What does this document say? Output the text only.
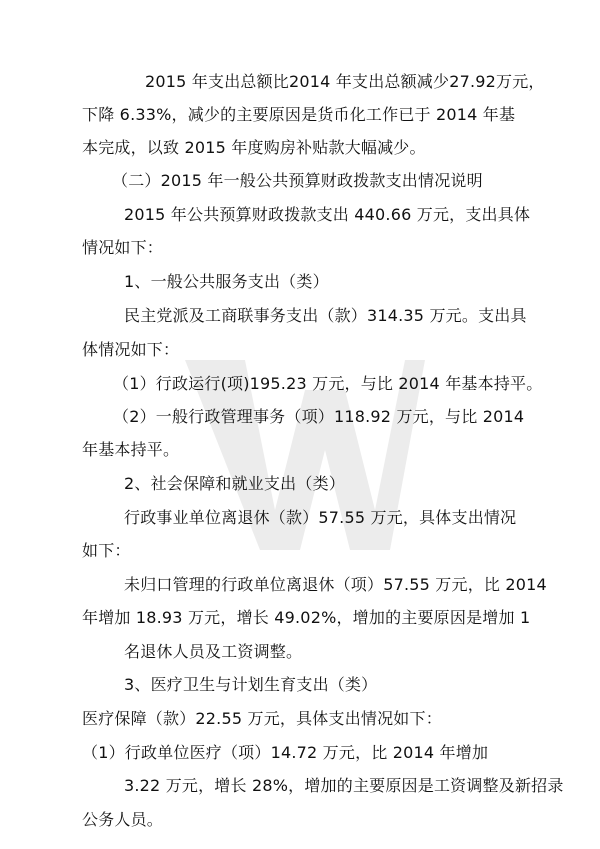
2015 年支出总额比2014 年支出总额减少27.92万元，
下降 6.33%，减少的主要原因是货币化工作已于 2014 年基
本完成，以致 2015 年度购房补贴款大幅减少。
（二）2015 年一般公共预算财政拨款支出情况说明
2015 年公共预算财政拨款支出 440.66 万元，支出具体
情况如下：
1、一般公共服务支出（类）
民主党派及工商联事务支出（款）314.35 万元。支出具
体情况如下：
（1）行政运行(项)195.23 万元，与比 2014 年基本持平。
（2）一般行政管理事务（项）118.92 万元，与比 2014
年基本持平。
2、社会保障和就业支出（类）
行政事业单位离退休（款）57.55 万元，具体支出情况
如下：
未归口管理的行政单位离退休（项）57.55 万元，比 2014
年增加 18.93 万元，增长 49.02%，增加的主要原因是增加 1
名退休人员及工资调整。
3、医疗卫生与计划生育支出（类）
医疗保障（款）22.55 万元，具体支出情况如下：
（1）行政单位医疗（项）14.72 万元，比 2014 年增加
3.22 万元，增长 28%，增加的主要原因是工资调整及新招录
公务人员。
